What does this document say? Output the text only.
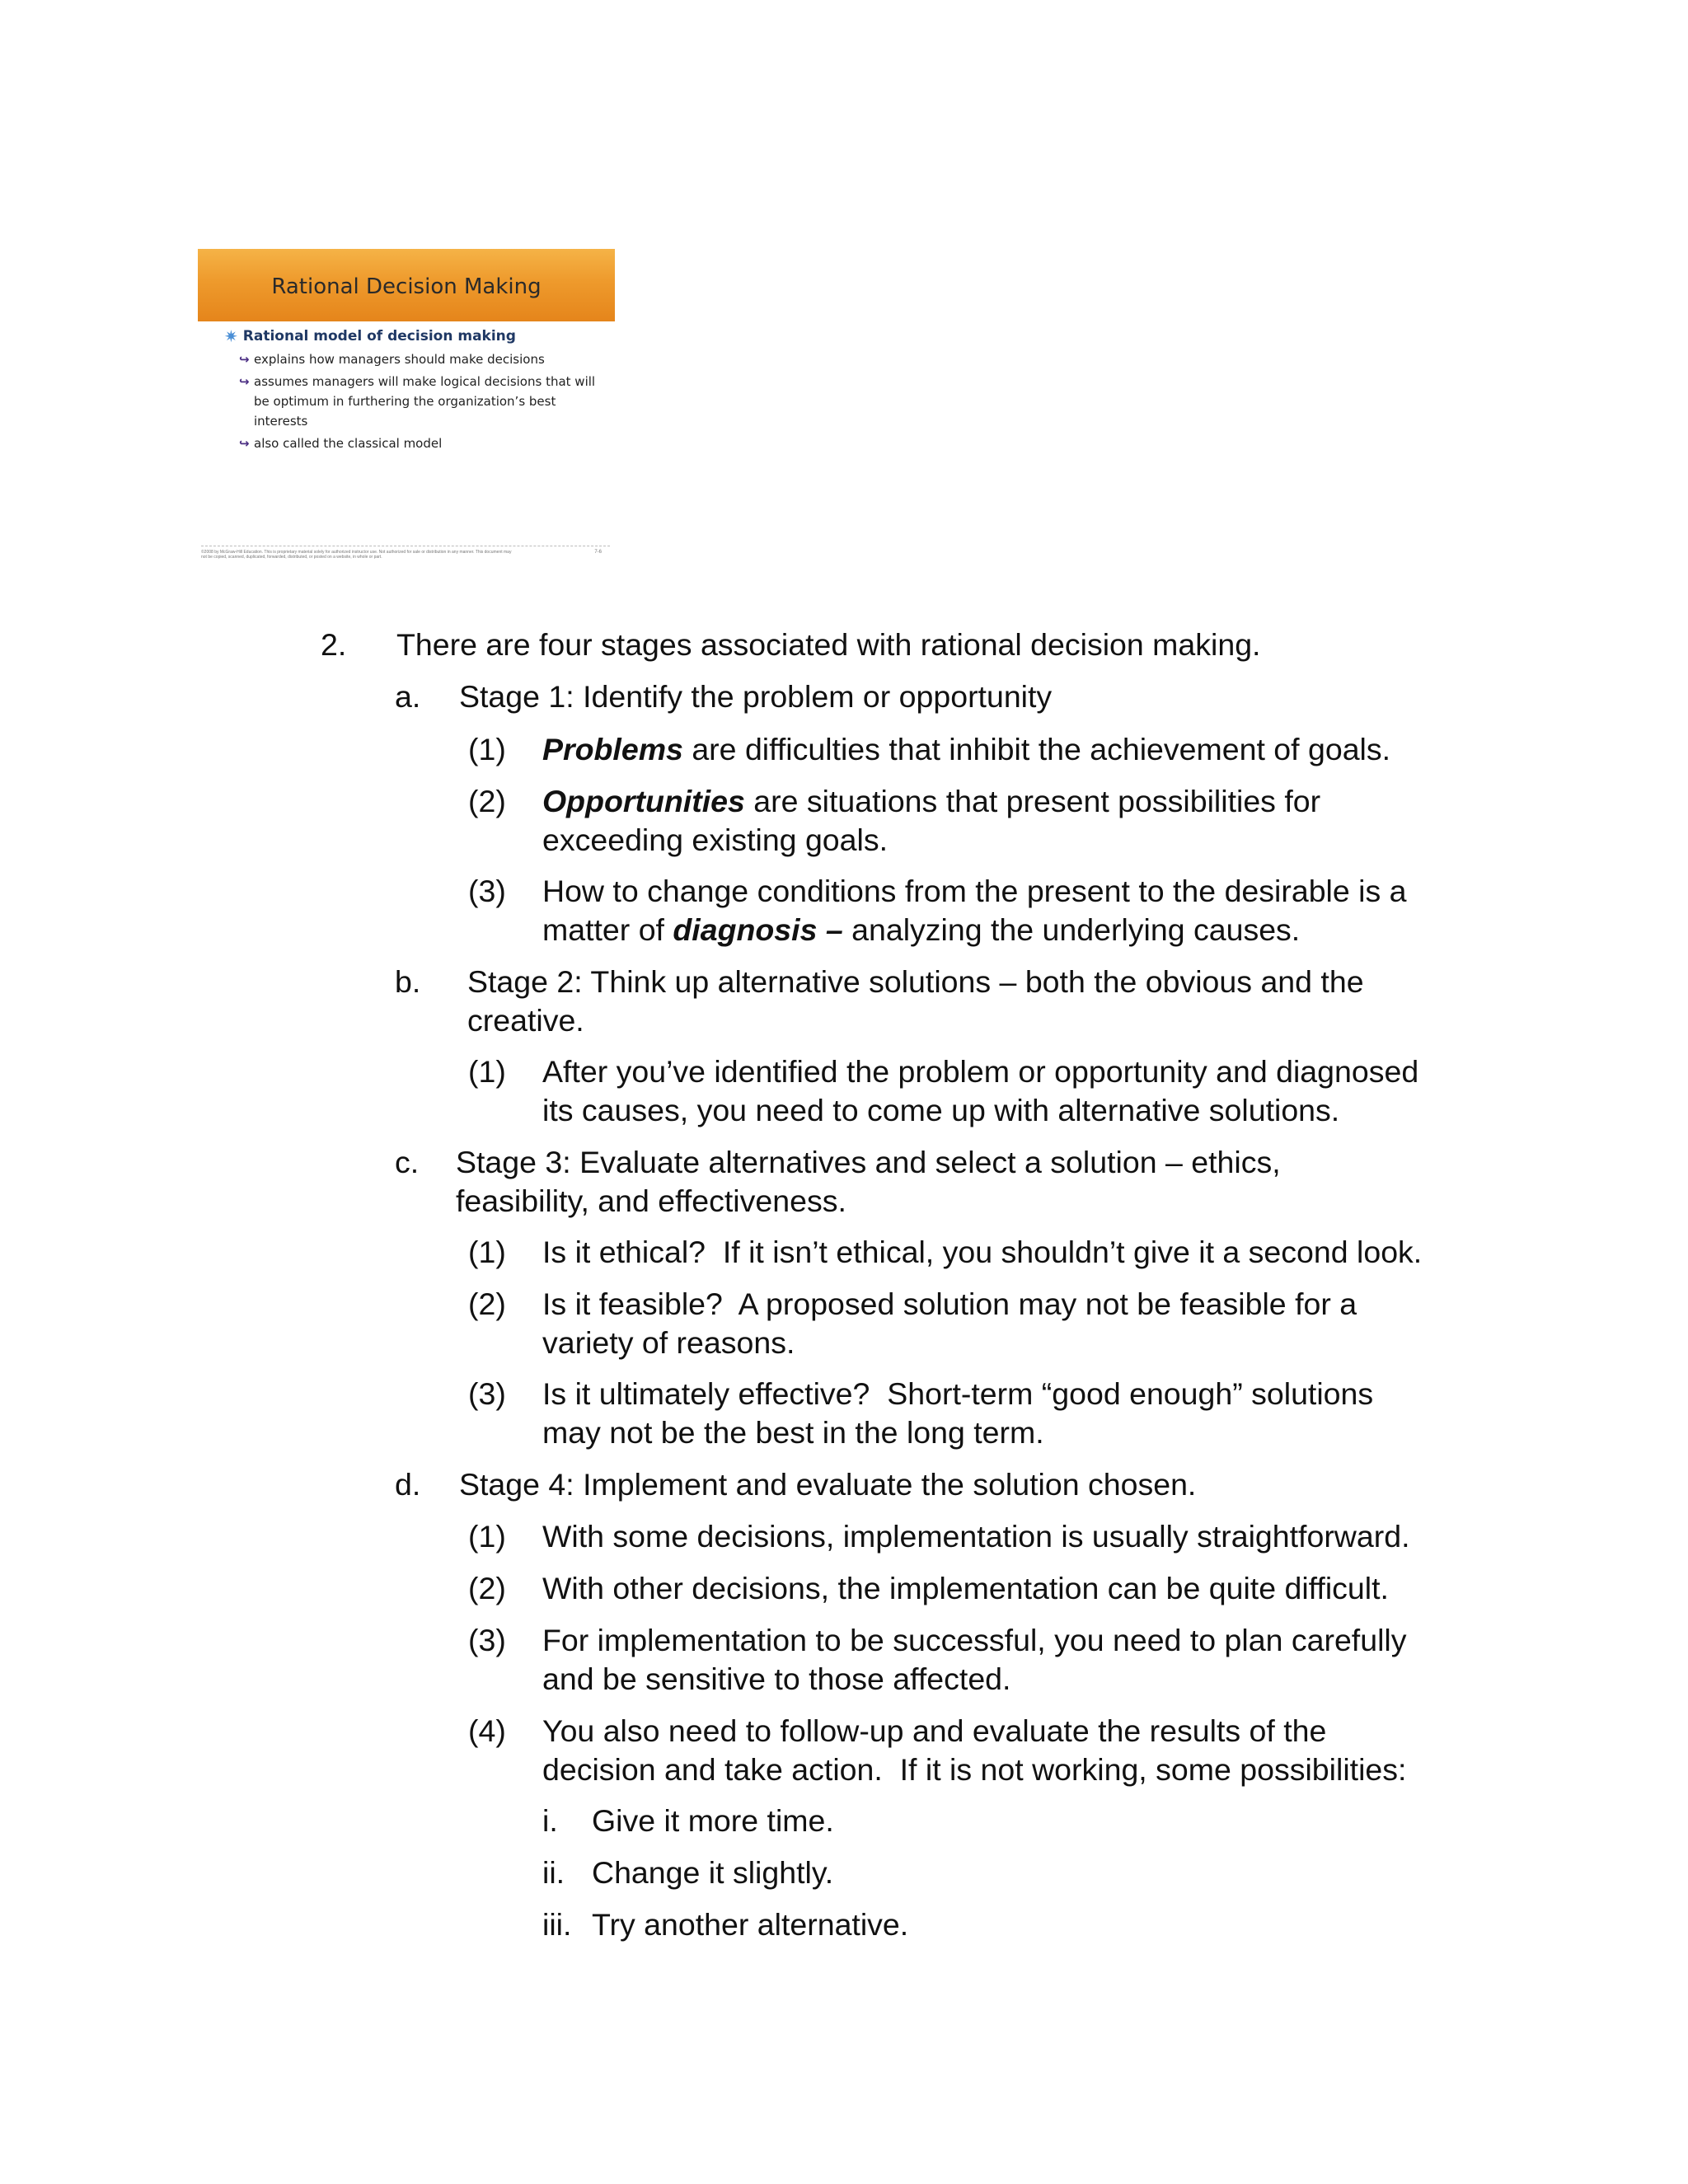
Rational Decision Making
✷ Rational model of decision making
↪ explains how managers should make decisions
↪ assumes managers will make logical decisions that will be optimum in furthering the organization’s best interests
↪ also called the classical model
©2008 by McGraw-Hill Education. This is proprietary material solely for authorized instructor use. Not authorized for sale or distribution in any manner. This document may not be copied, scanned, duplicated, forwarded, distributed, or posted on a website, in whole or part.
7-6
2. There are four stages associated with rational decision making.
a. Stage 1: Identify the problem or opportunity
(1) Problems are difficulties that inhibit the achievement of goals.
(2) Opportunities are situations that present possibilities for
exceeding existing goals.
(3) How to change conditions from the present to the desirable is a
matter of diagnosis – analyzing the underlying causes.
b. Stage 2: Think up alternative solutions – both the obvious and the
creative.
(1) After you’ve identified the problem or opportunity and diagnosed
its causes, you need to come up with alternative solutions.
c. Stage 3: Evaluate alternatives and select a solution – ethics,
feasibility, and effectiveness.
(1) Is it ethical?  If it isn’t ethical, you shouldn’t give it a second look.
(2) Is it feasible?  A proposed solution may not be feasible for a
variety of reasons.
(3) Is it ultimately effective?  Short-term “good enough” solutions
may not be the best in the long term.
d. Stage 4: Implement and evaluate the solution chosen.
(1) With some decisions, implementation is usually straightforward.
(2) With other decisions, the implementation can be quite difficult.
(3) For implementation to be successful, you need to plan carefully
and be sensitive to those affected.
(4) You also need to follow-up and evaluate the results of the
decision and take action.  If it is not working, some possibilities:
i. Give it more time.
ii. Change it slightly.
iii. Try another alternative.
